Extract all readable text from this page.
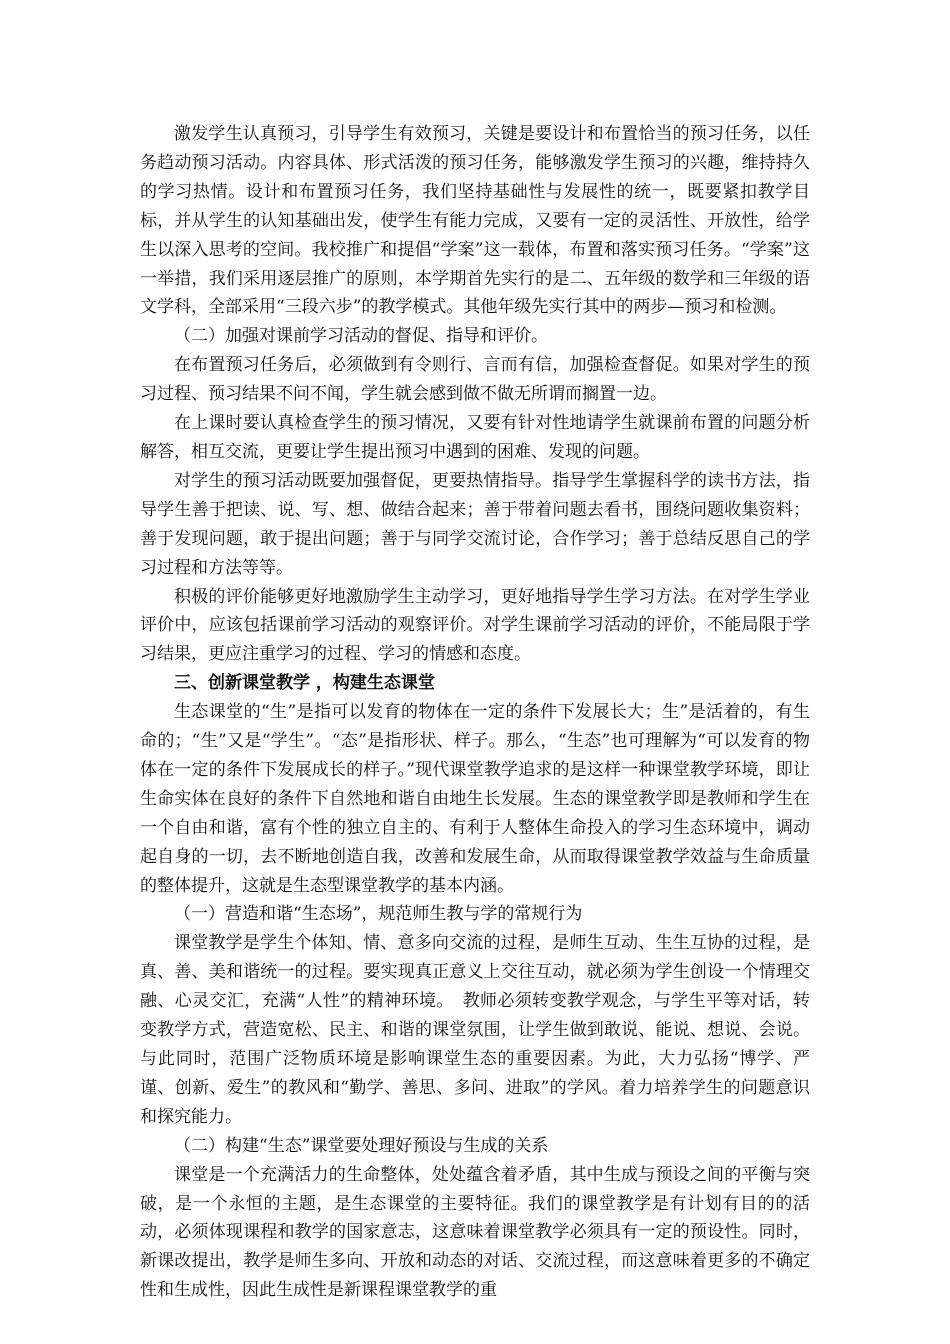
激发学生认真预习，引导学生有效预习，关键是要设计和布置恰当的预习任务，以任务趋动预习活动。内容具体、形式活泼的预习任务，能够激发学生预习的兴趣，维持持久的学习热情。设计和布置预习任务，我们坚持基础性与发展性的统一，既要紧扣教学目标，并从学生的认知基础出发，使学生有能力完成，又要有一定的灵活性、开放性，给学生以深入思考的空间。我校推广和提倡“学案”这一载体，布置和落实预习任务。“学案”这一举措，我们采用逐层推广的原则，本学期首先实行的是二、五年级的数学和三年级的语文学科，全部采用“三段六步”的教学模式。其他年级先实行其中的两步—预习和检测。

（二）加强对课前学习活动的督促、指导和评价。

在布置预习任务后，必须做到有令则行、言而有信，加强检查督促。如果对学生的预习过程、预习结果不问不闻，学生就会感到做不做无所谓而搁置一边。

在上课时要认真检查学生的预习情况，又要有针对性地请学生就课前布置的问题分析解答，相互交流，更要让学生提出预习中遇到的困难、发现的问题。

对学生的预习活动既要加强督促，更要热情指导。指导学生掌握科学的读书方法，指导学生善于把读、说、写、想、做结合起来；善于带着问题去看书，围绕问题收集资料；善于发现问题，敢于提出问题；善于与同学交流讨论，合作学习；善于总结反思自己的学习过程和方法等等。

积极的评价能够更好地激励学生主动学习，更好地指导学生学习方法。在对学生学业评价中，应该包括课前学习活动的观察评价。对学生课前学习活动的评价，不能局限于学习结果，更应注重学习的过程、学习的情感和态度。

三、创新课堂教学 ，构建生态课堂

生态课堂的“生”是指可以发育的物体在一定的条件下发展长大；生”是活着的，有生命的；“生”又是“学生”。“态”是指形状、样子。那么，“生态”也可理解为“可以发育的物体在一定的条件下发展成长的样子。”现代课堂教学追求的是这样一种课堂教学环境，即让生命实体在良好的条件下自然地和谐自由地生长发展。生态的课堂教学即是教师和学生在一个自由和谐，富有个性的独立自主的、有利于人整体生命投入的学习生态环境中，调动起自身的一切，去不断地创造自我，改善和发展生命，从而取得课堂教学效益与生命质量的整体提升，这就是生态型课堂教学的基本内涵。

（一）营造和谐“生态场”，规范师生教与学的常规行为

课堂教学是学生个体知、情、意多向交流的过程，是师生互动、生生互协的过程，是真、善、美和谐统一的过程。要实现真正意义上交往互动，就必须为学生创设一个情理交融、心灵交汇，充满“人性”的精神环境。　教师必须转变教学观念，与学生平等对话，转变教学方式，营造宽松、民主、和谐的课堂氛围，让学生做到敢说、能说、想说、会说。与此同时，范围广泛物质环境是影响课堂生态的重要因素。为此，大力弘扬“博学、严谨、创新、爱生”的教风和“勤学、善思、多问、进取”的学风。着力培养学生的问题意识和探究能力。

（二）构建“生态”课堂要处理好预设与生成的关系

课堂是一个充满活力的生命整体，处处蕴含着矛盾，其中生成与预设之间的平衡与突破，是一个永恒的主题，是生态课堂的主要特征。我们的课堂教学是有计划有目的的活动，必须体现课程和教学的国家意志，这意味着课堂教学必须具有一定的预设性。同时，新课改提出，教学是师生多向、开放和动态的对话、交流过程，而这意味着更多的不确定性和生成性，因此生成性是新课程课堂教学的重
